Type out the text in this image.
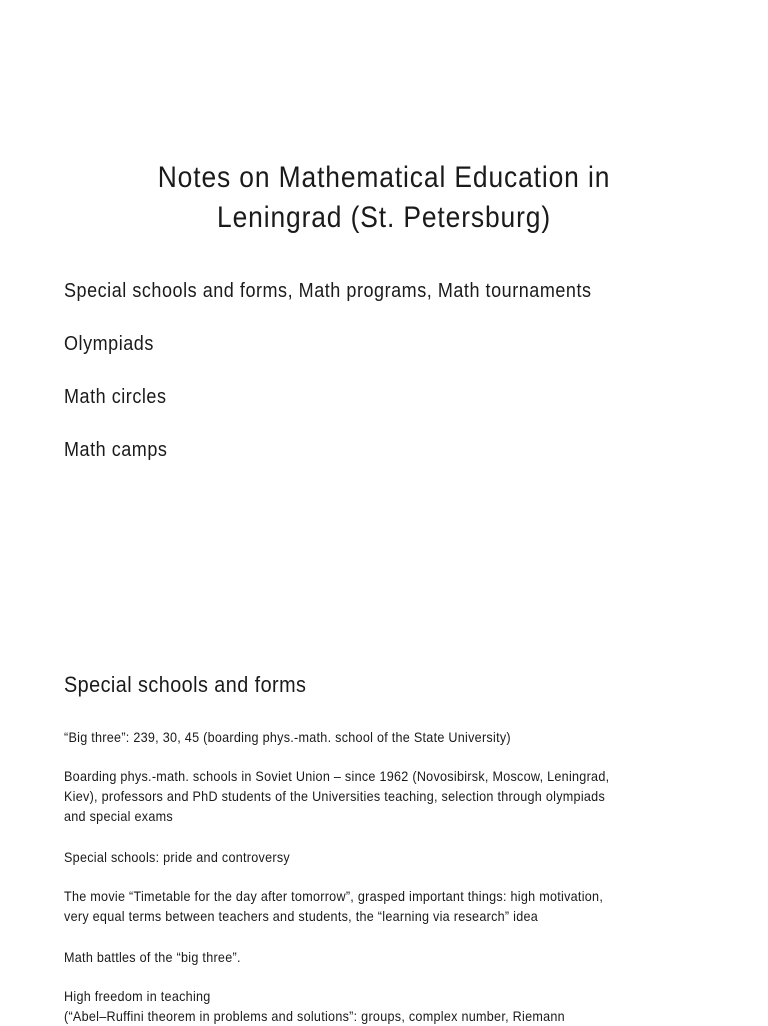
Notes on Mathematical Education in
Leningrad (St. Petersburg)
Special schools and forms, Math programs, Math tournaments
Olympiads
Math circles
Math camps
Special schools and forms

“Big three”: 239, 30, 45 (boarding phys.-math. school of the State University)

Boarding phys.-math. schools in Soviet Union – since 1962 (Novosibirsk, Moscow, Leningrad,
Kiev), professors and PhD students of the Universities teaching, selection through olympiads
and special exams

Special schools: pride and controversy

The movie “Timetable for the day after tomorrow”, grasped important things: high motivation,
very equal terms between teachers and students, the “learning via research” idea

Math battles of the “big three”.

High freedom in teaching
(“Abel–Ruffini theorem in problems and solutions”: groups, complex number, Riemann
